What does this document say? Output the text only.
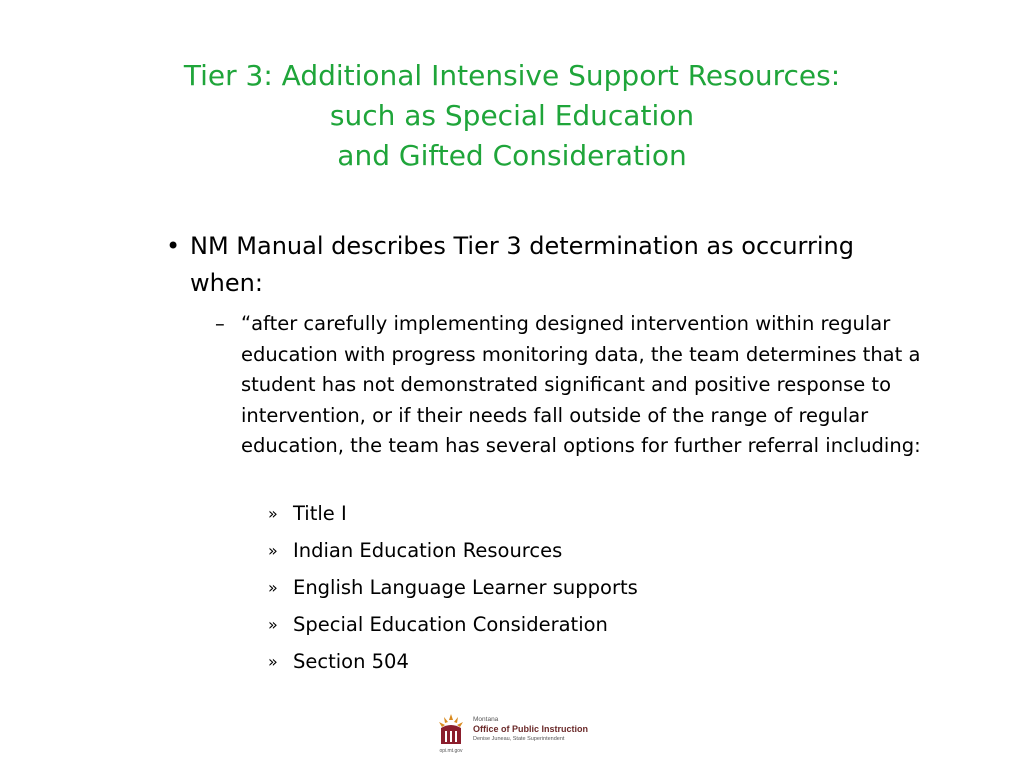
Tier 3: Additional Intensive Support Resources:
such as Special Education
and Gifted Consideration
• NM Manual describes Tier 3 determination as occurring when:
– “after carefully implementing designed intervention within regular education with progress monitoring data, the team determines that a student has not demonstrated significant and positive response to intervention, or if their needs fall outside of the range of regular education, the team has several options for further referral including:
» Title I
» Indian Education Resources
» English Language Learner supports
» Special Education Consideration
» Section 504
opi.mt.gov
Montana
Office of Public Instruction
Denise Juneau, State Superintendent
